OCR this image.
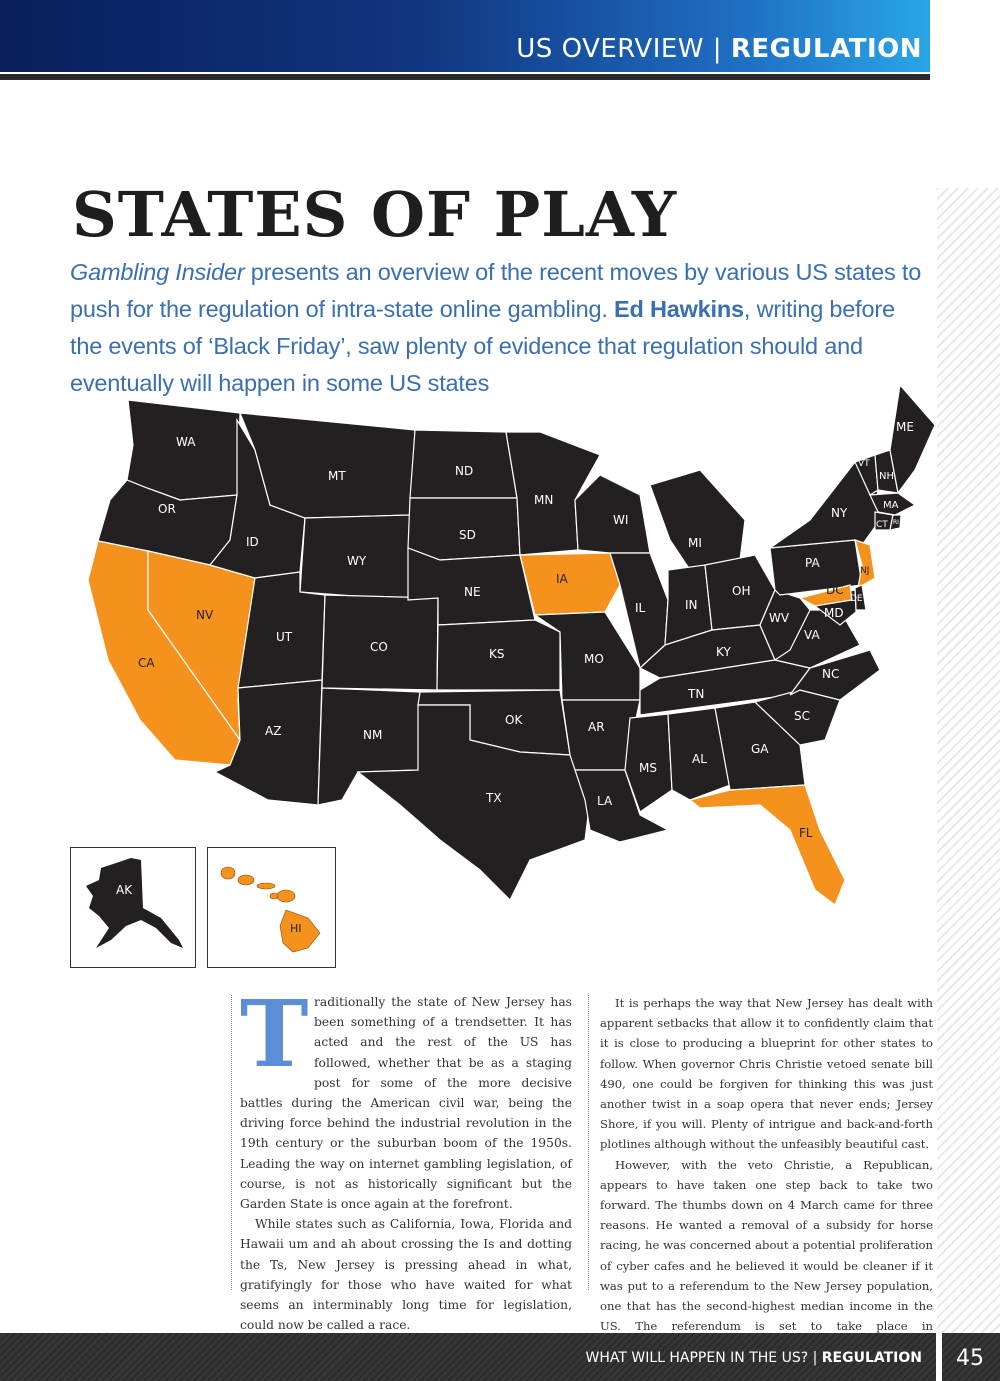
US OVERVIEW | REGULATION
STATES OF PLAY

Gambling Insider presents an overview of the recent moves by various US states to push for the regulation of intra-state online gambling. Ed Hawkins, writing before the events of ‘Black Friday’, saw plenty of evidence that regulation should and eventually will happen in some US states

WA
OR
CA
NV
ID
MT
WY
UT
AZ
CO
NM
ND
SD
NE
KS
OK
TX
MN
IA
MO
AR
LA
WI
IL
MI
IN
OH
KY
TN
MS
AL
GA
FL
SC
NC
VA
WV
PA
NY
VT
NH
ME
MA
CT RI
NJ
DE
MD
DC
AK
HI

Traditionally the state of New Jersey has been something of a trendsetter. It has acted and the rest of the US has followed, whether that be as a staging post for some of the more decisive battles during the American civil war, being the driving force behind the industrial revolution in the 19th century or the suburban boom of the 1950s. Leading the way on internet gambling legislation, of course, is not as historically significant but the Garden State is once again at the forefront.

While states such as California, Iowa, Florida and Hawaii um and ah about crossing the Is and dotting the Ts, New Jersey is pressing ahead in what, gratifyingly for those who have waited for what seems an interminably long time for legislation, could now be called a race.

It is perhaps the way that New Jersey has dealt with apparent setbacks that allow it to confidently claim that it is close to producing a blueprint for other states to follow. When governor Chris Christie vetoed senate bill 490, one could be forgiven for thinking this was just another twist in a soap opera that never ends; Jersey Shore, if you will. Plenty of intrigue and back-and-forth plotlines although without the unfeasibly beautiful cast.

However, with the veto Christie, a Republican, appears to have taken one step back to take two forward. The thumbs down on 4 March came for three reasons. He wanted a removal of a subsidy for horse racing, he was concerned about a potential proliferation of cyber cafes and he believed it would be cleaner if it was put to a referendum to the New Jersey population, one that has the second-highest median income in the US. The referendum is set to take place in

WHAT WILL HAPPEN IN THE US? | REGULATION	45
